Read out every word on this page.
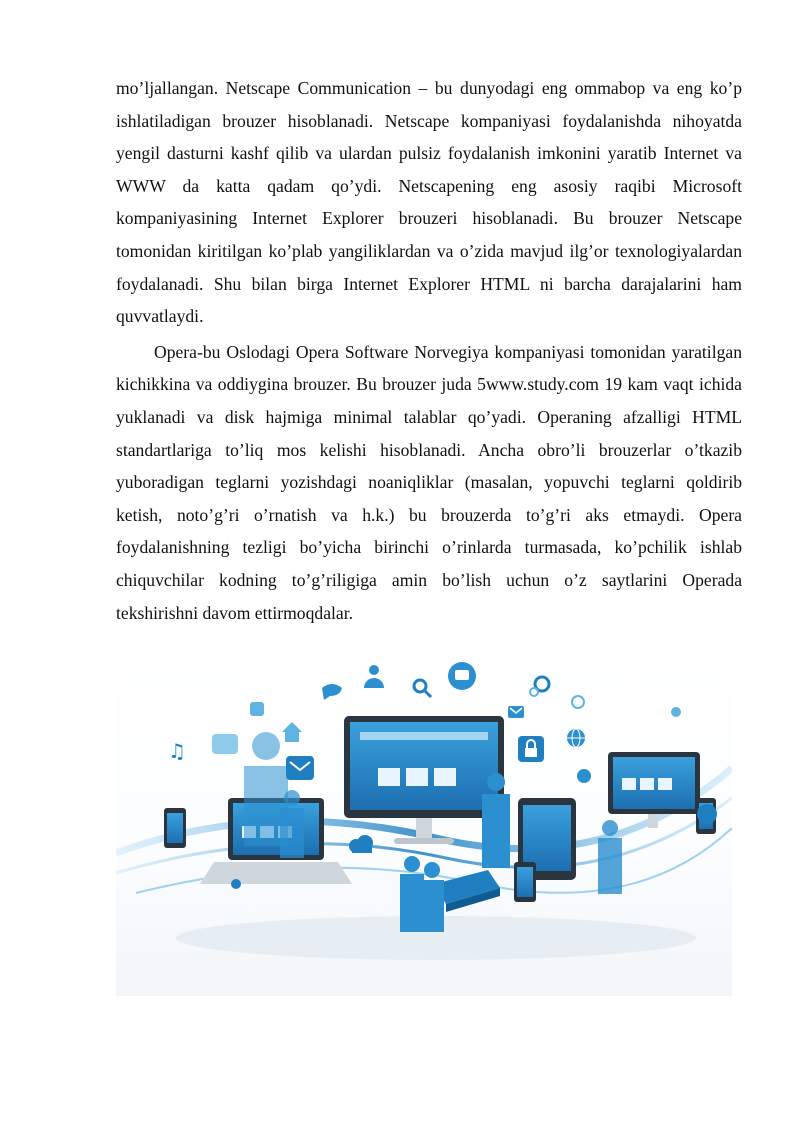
mo’ljallangan. Netscape Communication – bu dunyodagi eng ommabop va eng ko’p ishlatiladigan brouzer hisoblanadi. Netscape kompaniyasi foydalanishda nihoyatda yengil dasturni kashf qilib va ulardan pulsiz foydalanish imkonini yaratib Internet va WWW da katta qadam qo’ydi. Netscapening eng asosiy raqibi Microsoft kompaniyasining Internet Explorer brouzeri hisoblanadi. Bu brouzer Netscape tomonidan kiritilgan ko’plab yangiliklardan va o’zida mavjud ilg’or texnologiyalardan foydalanadi. Shu bilan birga Internet Explorer HTML ni barcha darajalarini ham quvvatlaydi.

Opera-bu Oslodagi Opera Software Norvegiya kompaniyasi tomonidan yaratilgan kichikkina va oddiygina brouzer. Bu brouzer juda 5www.study.com 19 kam vaqt ichida yuklanadi va disk hajmiga minimal talablar qo’yadi. Operaning afzalligi HTML standartlariga to’liq mos kelishi hisoblanadi. Ancha obro’li brouzerlar o’tkazib yuboradigan teglarni yozishdagi noaniqliklar (masalan, yopuvchi teglarni qoldirib ketish, noto’g’ri o’rnatish va h.k.) bu brouzerda to’g’ri aks etmaydi. Opera foydalanishning tezligi bo’yicha birinchi o’rinlarda turmasada, ko’pchilik ishlab chiquvchilar kodning to’g’riligiga amin bo’lish uchun o’z saytlarini Operada tekshirishni davom ettirmoqdalar.

♫
